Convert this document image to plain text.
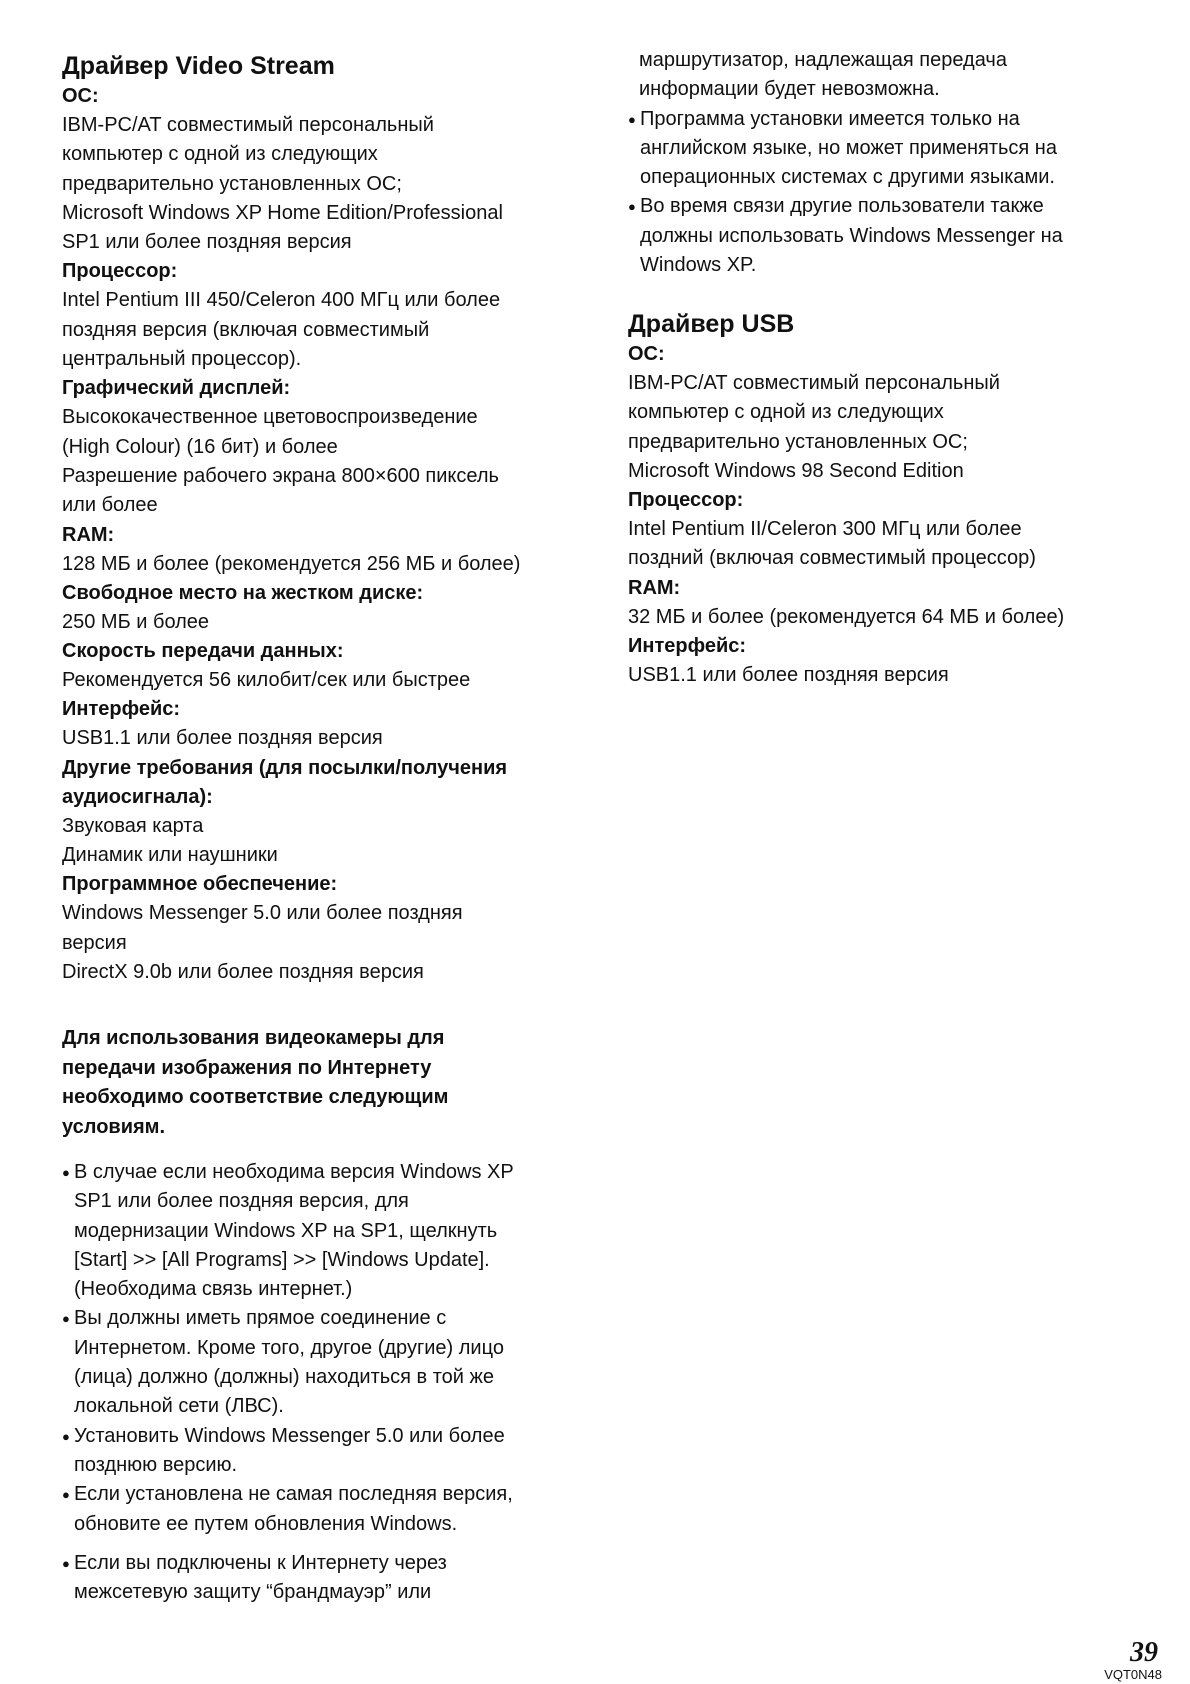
Драйвер Video Stream

ОС:

IBM-PC/AT совместимый персональный

компьютер с одной из следующих

предварительно установленных ОС;

Microsoft Windows XP Home Edition/Professional

SP1 или более поздняя версия

Процессор:

Intel Pentium III 450/Celeron 400 МГц или более

поздняя версия (включая совместимый

центральный процессор).

Графический дисплей:

Высококачественное цветовоспроизведение

(High Colour) (16 бит) и более

Разрешение рабочего экрана 800×600 пиксель

или более

RAM:

128 МБ и более (рекомендуется 256 МБ и более)

Свободное место на жестком диске:

250 МБ и более

Скорость передачи данных:

Рекомендуется 56 килобит/сек или быстрее

Интерфейс:

USB1.1 или более поздняя версия

Другие требования (для посылки/получения

аудиосигнала):

Звуковая карта

Динамик или наушники

Программное обеспечение:

Windows Messenger 5.0 или более поздняя

версия

DirectX 9.0b или более поздняя версия

Для использования видеокамеры для

передачи изображения по Интернету

необходимо соответствие следующим

условиям.

● В случае если необходима версия Windows XP
SP1 или более поздняя версия, для
модернизации Windows XP на SP1, щелкнуть
[Start] >> [All Programs] >> [Windows Update].
(Необходима связь интернет.)
● Вы должны иметь прямое соединение с
Интернетом. Кроме того, другое (другие) лицо
(лица) должно (должны) находиться в той же
локальной сети (ЛВС).
● Установить Windows Messenger 5.0 или более
позднюю версию.
● Если установлена не самая последняя версия,
обновите ее путем обновления Windows.
● Если вы подключены к Интернету через
межсетевую защиту “брандмауэр” или

маршрутизатор, надлежащая передача

информации будет невозможна.

● Программа установки имеется только на
английском языке, но может применяться на
операционных системах с другими языками.
● Во время связи другие пользователи также
должны использовать Windows Messenger на
Windows XP.

Драйвер USB

ОС:

IBM-PC/AT совместимый персональный

компьютер с одной из следующих

предварительно установленных ОС;

Microsoft Windows 98 Second Edition

Процессор:

Intel Pentium II/Celeron 300 МГц или более

поздний (включая совместимый процессор)

RAM:

32 МБ и более (рекомендуется 64 МБ и более)

Интерфейс:

USB1.1 или более поздняя версия

39

VQT0N48
